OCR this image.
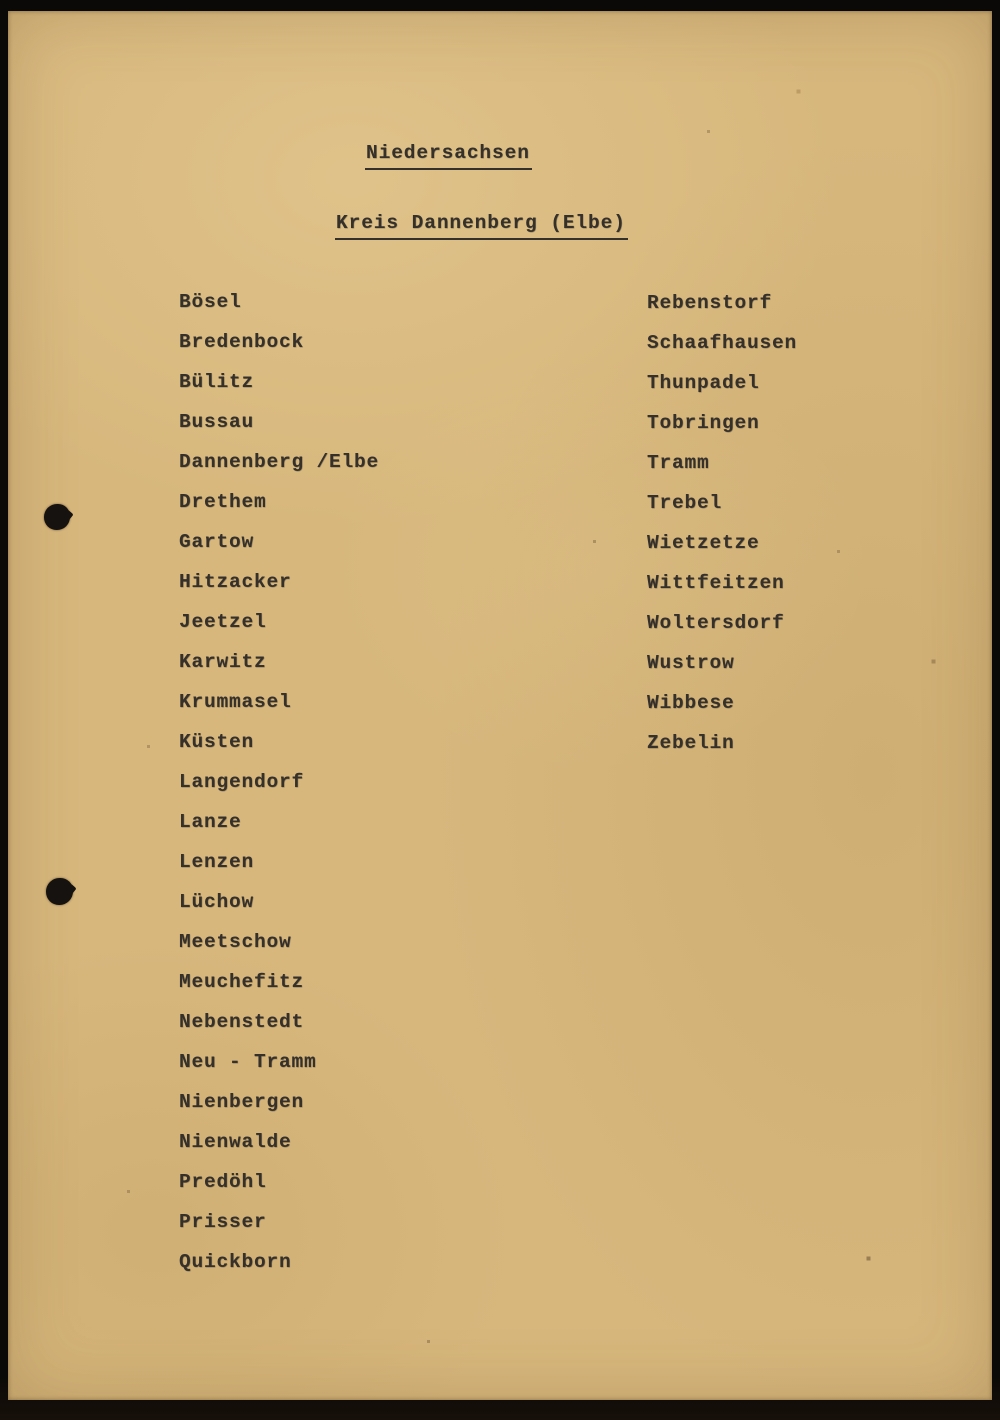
Niedersachsen
Kreis Dannenberg (Elbe)
Bösel
Bredenbock
Bülitz
Bussau
Dannenberg /Elbe
Drethem
Gartow
Hitzacker
Jeetzel
Karwitz
Krummasel
Küsten
Langendorf
Lanze
Lenzen
Lüchow
Meetschow
Meuchefitz
Nebenstedt
Neu - Tramm
Nienbergen
Nienwalde
Predöhl
Prisser
Quickborn
Rebenstorf
Schaafhausen
Thunpadel
Tobringen
Tramm
Trebel
Wietzetze
Wittfeitzen
Woltersdorf
Wustrow
Wibbese
Zebelin
